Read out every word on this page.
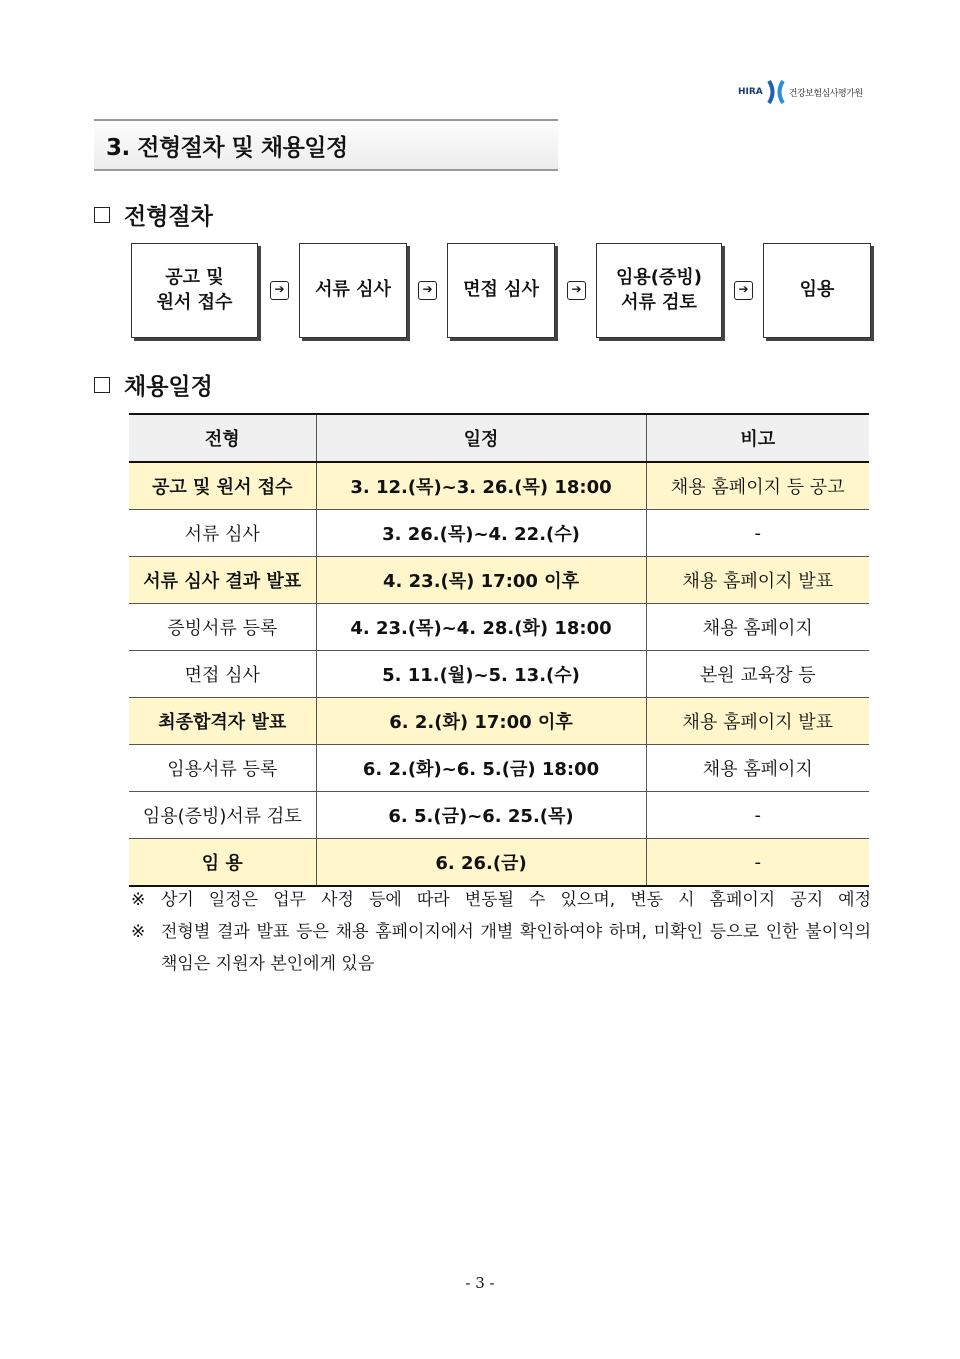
HIRA	건강보험심사평가원
3. 전형절차 및 채용일정
전형절차
공고 및
원서 접수
➔	서류 심사	➔	면접 심사	➔
임용(증빙)
서류 검토
➔	임용
채용일정
전형	일정	비고
공고 및 원서 접수	3. 12.(목)~3. 26.(목) 18:00	채용 홈페이지 등 공고
서류 심사	3. 26.(목)~4. 22.(수)	-
서류 심사 결과 발표	4. 23.(목) 17:00 이후	채용 홈페이지 발표
증빙서류 등록	4. 23.(목)~4. 28.(화) 18:00	채용 홈페이지
면접 심사	5. 11.(월)~5. 13.(수)	본원 교육장 등
최종합격자 발표	6. 2.(화) 17:00 이후	채용 홈페이지 발표
임용서류 등록	6. 2.(화)~6. 5.(금) 18:00	채용 홈페이지
임용(증빙)서류 검토	6. 5.(금)~6. 25.(목)	-
임 용	6. 26.(금)	-
※ 상기 일정은 업무 사정 등에 따라 변동될 수 있으며, 변동 시 홈페이지 공지 예정
※ 전형별 결과 발표 등은 채용 홈페이지에서 개별 확인하여야 하며, 미확인 등으로 인한 불이익의 책임은 지원자 본인에게 있음
- 3 -
